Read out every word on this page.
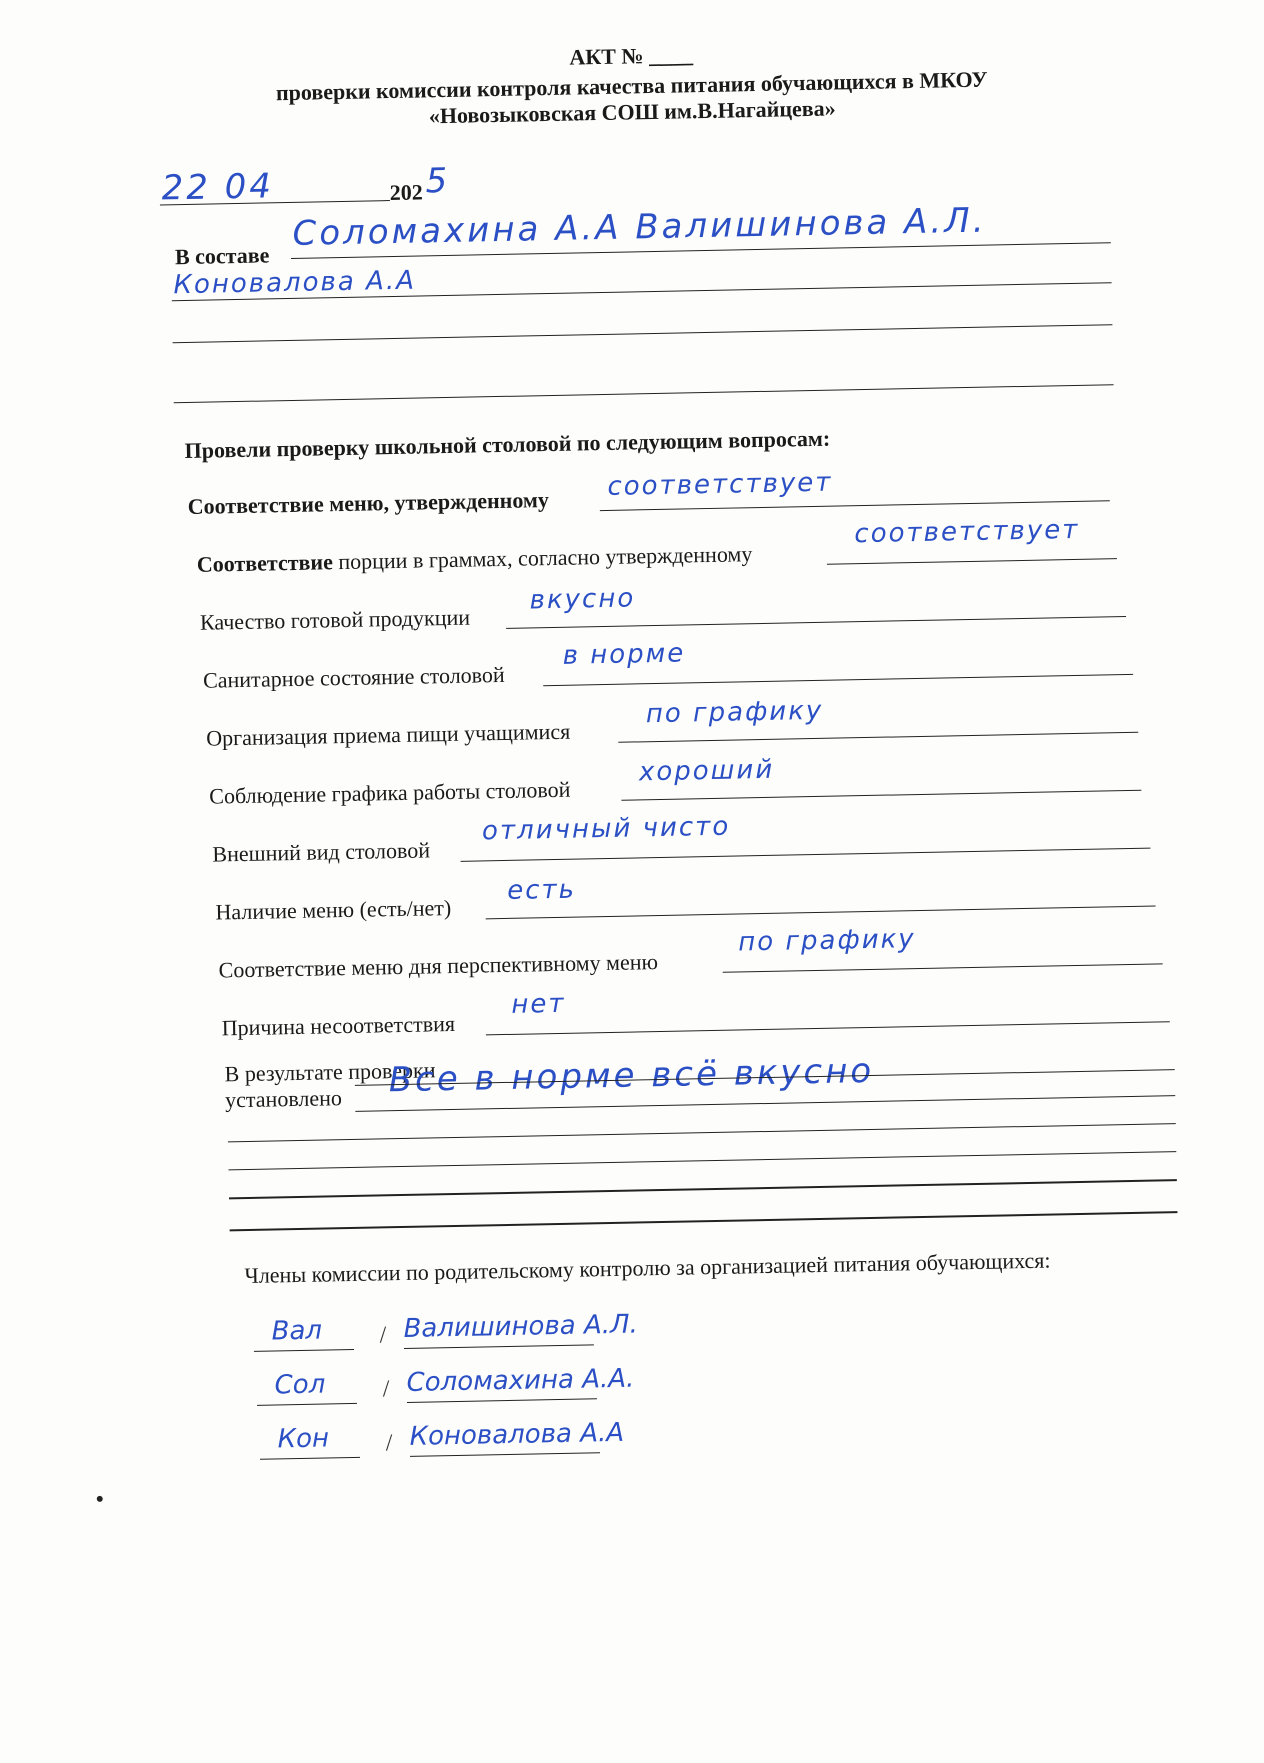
АКТ № ____
проверки комиссии контроля качества питания обучающихся в МКОУ
«Новозыковская СОШ им.В.Нагайцева»
22 04	202 5
В составе
Соломахина А.А Валишинова А.Л.
Коновалова А.А
Провели проверку школьной столовой по следующим вопросам:
Соответствие меню, утвержденному
соответствует
Соответствие порции в граммах, согласно утвержденному
соответствует
Качество готовой продукции
вкусно
Санитарное состояние столовой
в норме
Организация приема пищи учащимися
по графику
Соблюдение графика работы столовой
хороший
Внешний вид столовой
отличный чисто
Наличие меню (есть/нет)
есть
Соответствие меню дня перспективному меню
по графику
Причина несоответствия
нет
В результате проверки
установлено Все в норме всё вкусно
Члены комиссии по родительскому контролю за организацией питания обучающихся:
Вал / Валишинова А.Л.
Сол / Соломахина А.А.
Кон / Коновалова А.А
